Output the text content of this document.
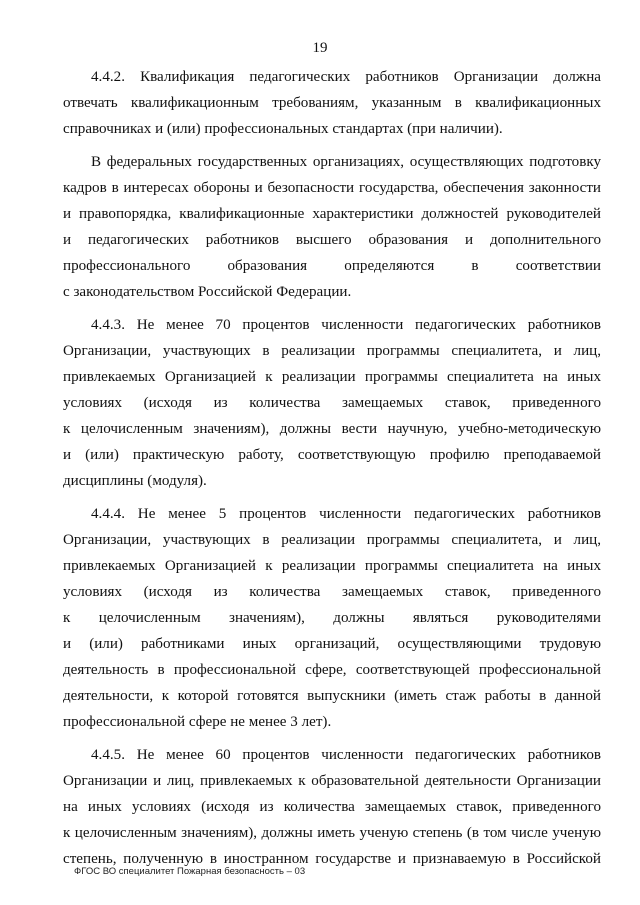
19
4.4.2. Квалификация педагогических работников Организации должна
отвечать квалификационным требованиям, указанным в квалификационных
справочниках и (или) профессиональных стандартах (при наличии).
В федеральных государственных организациях, осуществляющих подготовку
кадров в интересах обороны и безопасности государства, обеспечения законности
и правопорядка, квалификационные характеристики должностей руководителей
и педагогических работников высшего образования и дополнительного
профессионального образования определяются в соответствии
с законодательством Российской Федерации.
4.4.3. Не менее 70 процентов численности педагогических работников
Организации, участвующих в реализации программы специалитета, и лиц,
привлекаемых Организацией к реализации программы специалитета на иных
условиях (исходя из количества замещаемых ставок, приведенного
к целочисленным значениям), должны вести научную, учебно-методическую
и (или) практическую работу, соответствующую профилю преподаваемой
дисциплины (модуля).
4.4.4. Не менее 5 процентов численности педагогических работников
Организации, участвующих в реализации программы специалитета, и лиц,
привлекаемых Организацией к реализации программы специалитета на иных
условиях (исходя из количества замещаемых ставок, приведенного
к целочисленным значениям), должны являться руководителями
и (или) работниками иных организаций, осуществляющими трудовую
деятельность в профессиональной сфере, соответствующей профессиональной
деятельности, к которой готовятся выпускники (иметь стаж работы в данной
профессиональной сфере не менее 3 лет).
4.4.5. Не менее 60 процентов численности педагогических работников
Организации и лиц, привлекаемых к образовательной деятельности Организации
на иных условиях (исходя из количества замещаемых ставок, приведенного
к целочисленным значениям), должны иметь ученую степень (в том числе ученую
степень, полученную в иностранном государстве и признаваемую в Российской
ФГОС ВО специалитет Пожарная безопасность – 03
